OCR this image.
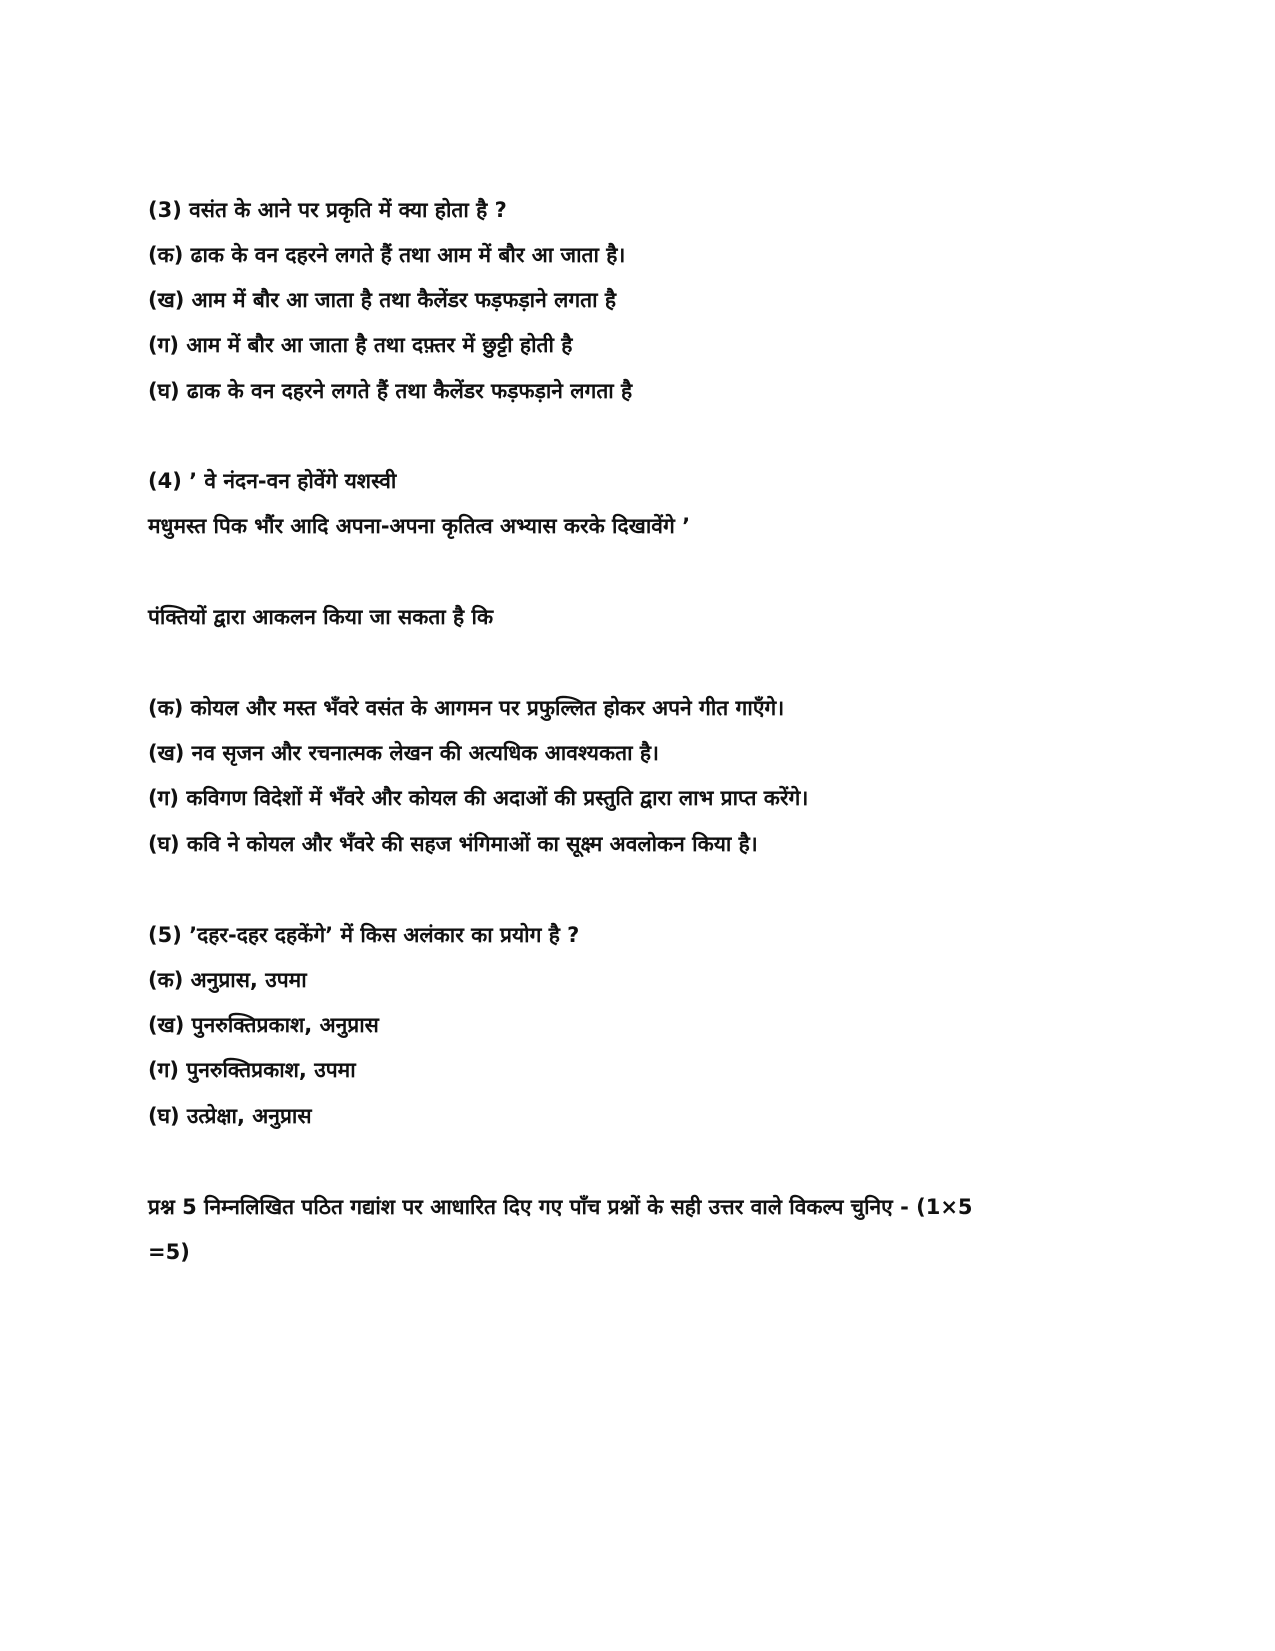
(3) वसंत के आने पर प्रकृति में क्या होता है ?
(क) ढाक के वन दहरने लगते हैं तथा आम में बौर आ जाता है।
(ख) आम में बौर आ जाता है तथा कैलेंडर फड़फड़ाने लगता है
(ग) आम में बौर आ जाता है तथा दफ़्तर में छुट्टी होती है
(घ) ढाक के वन दहरने लगते हैं तथा कैलेंडर फड़फड़ाने लगता है
(4) ’ वे नंदन-वन होवेंगे यशस्वी
मधुमस्त पिक भौंर आदि अपना-अपना कृतित्व अभ्यास करके दिखावेंगे ’
पंक्तियों द्वारा आकलन किया जा सकता है कि
(क) कोयल और मस्त भँवरे वसंत के आगमन पर प्रफुल्लित होकर अपने गीत गाएँगे।
(ख) नव सृजन और रचनात्मक लेखन की अत्यधिक आवश्यकता है।
(ग) कविगण विदेशों में भँवरे और कोयल की अदाओं की प्रस्तुति द्वारा लाभ प्राप्त करेंगे।
(घ) कवि ने कोयल और भँवरे की सहज भंगिमाओं का सूक्ष्म अवलोकन किया है।
(5) ’दहर-दहर दहकेंगे’ में किस अलंकार का प्रयोग है ?
(क) अनुप्रास, उपमा
(ख) पुनरुक्तिप्रकाश, अनुप्रास
(ग) पुनरुक्तिप्रकाश, उपमा
(घ) उत्प्रेक्षा, अनुप्रास
प्रश्न 5 निम्नलिखित पठित गद्यांश पर आधारित दिए गए पाँच प्रश्नों के सही उत्तर वाले विकल्प चुनिए - (1×5
=5)
